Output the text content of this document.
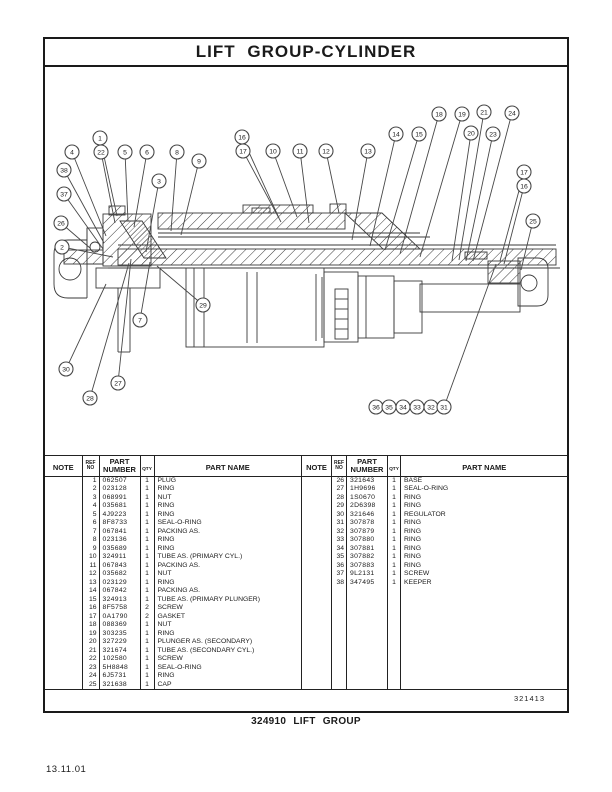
LIFT GROUP-CYLINDER
1
22
4
38
37
26
2
5	6
3
8
9
16
17	10	11	12	13
14 15
18 19
20
21
23
24
17
16
25
29
7
30
28
27
36 35 34 33 32 31
NOTE	REF
NO

PART
NUMBER	QTY	PART NAME
	1	062507	1	PLUG
	2	023128	1	RING
	3	068991	1	NUT
	4	035681	1	RING
	5	4J9223	1	RING
	6	8F8733	1	SEAL-O-RING
	7	067841	1	PACKING AS.
	8	023136	1	RING
	9	035689	1	RING
	10	324911	1	TUBE AS. (PRIMARY CYL.)
	11	067843	1	PACKING AS.
	12	035682	1	NUT
	13	023129	1	RING
	14	067842	1	PACKING AS.
	15	324913	1	TUBE AS. (PRIMARY PLUNGER)
	16	8F5758	2	SCREW
	17	0A1790	2	GASKET
	18	088369	1	NUT
	19	303235	1	RING
	20	327229	1	PLUNGER AS. (SECONDARY)
	21	321674	1	TUBE AS. (SECONDARY CYL.)
	22	102580	1	SCREW
	23	5H8848	1	SEAL-O-RING
	24	6J5731	1	RING
	25	321638	1	CAP
NOTE	REF
NO

PART
NUMBER	QTY	PART NAME
	26	321643	1	BASE
	27	1H9696	1	SEAL-O-RING
	28	1S0670	1	RING
	29	2D6398	1	RING
	30	321646	1	REGULATOR
	31	307878	1	RING
	32	307879	1	RING
	33	307880	1	RING
	34	307881	1	RING
	35	307882	1	RING
	36	307883	1	RING
	37	9L2131	1	SCREW
	38	347495	1	KEEPER

321413
324910 LIFT GROUP
13.11.01
